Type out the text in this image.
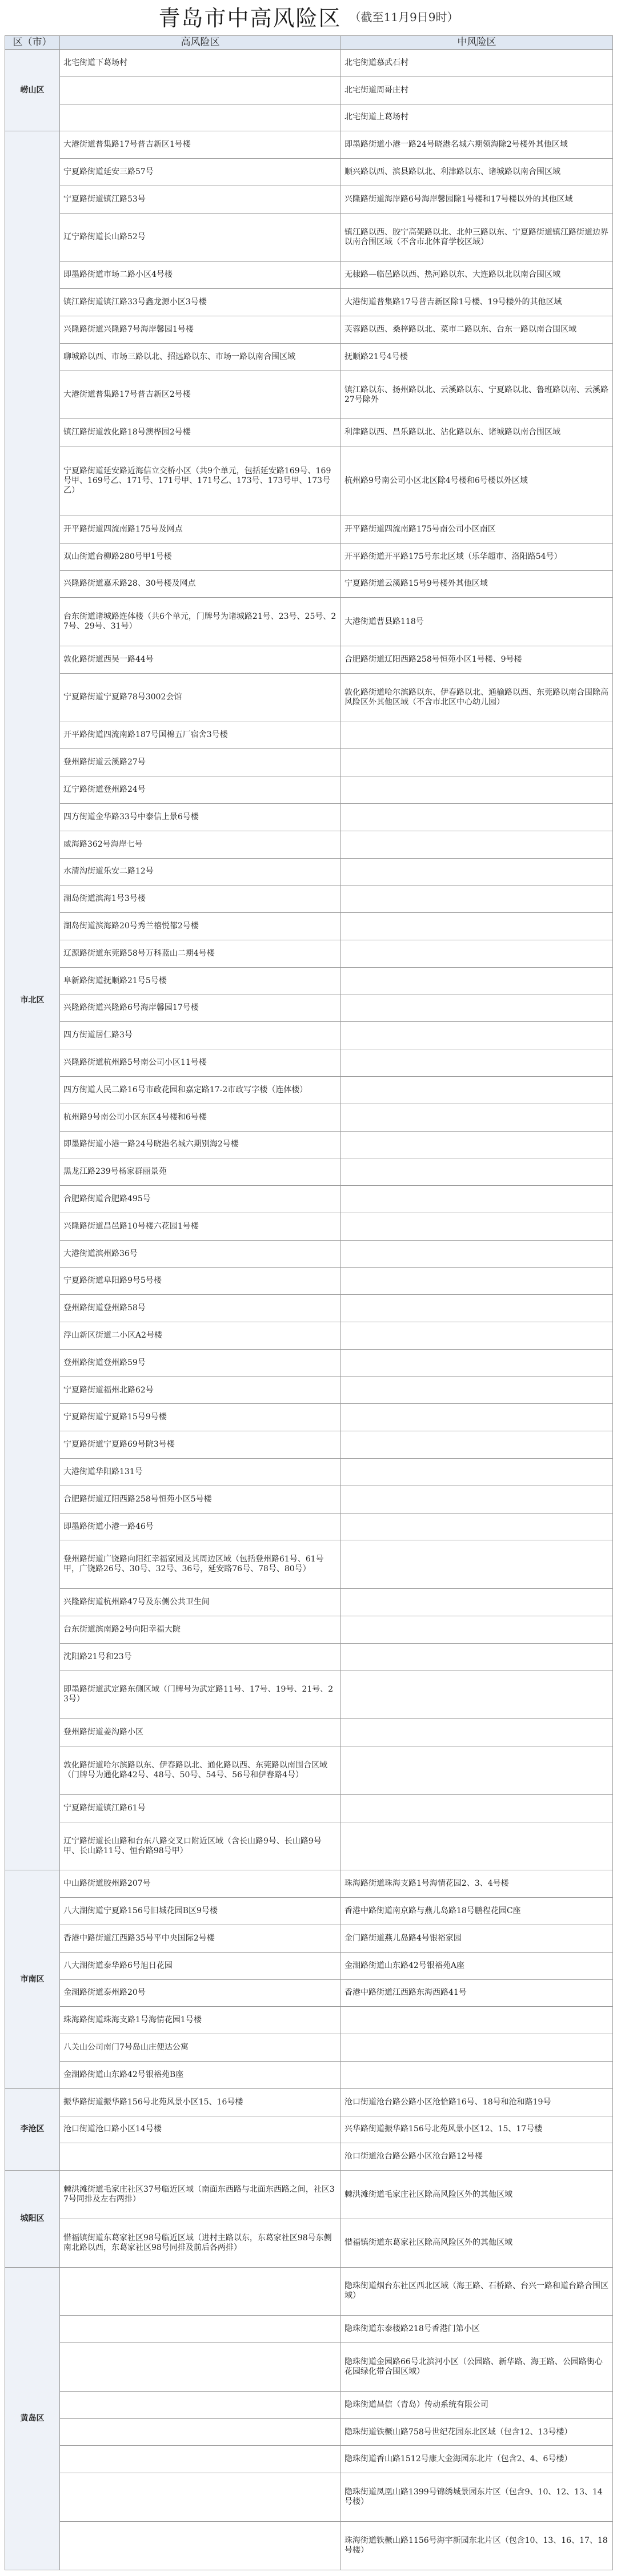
青岛市中高风险区 （截至11月9日9时）
区（市）	高风险区	中风险区
崂山区	北宅街道下葛场村	北宅街道慕武石村
		北宅街道周哥庄村
		北宅街道上葛场村
市北区	大港街道普集路17号普吉新区1号楼	即墨路街道小港一路24号晓港名城六期领海除2号楼外其他区域
	宁夏路街道延安三路57号	顺兴路以西、滨县路以北、利津路以东、诸城路以南合围区域
	宁夏路街道镇江路53号	兴隆路街道海岸路6号海岸馨园除1号楼和17号楼以外的其他区域
	辽宁路街道长山路52号	镇江路以西、胶宁高架路以北、北仲三路以东、宁夏路街道镇江路街道边界以南合围区域（不含市北体育学校区域）
	即墨路街道市场二路小区4号楼	无棣路—临邑路以西、热河路以东、大连路以北以南合围区域
	镇江路街道镇江路33号鑫龙源小区3号楼	大港街道普集路17号普吉新区除1号楼、19号楼外的其他区域
	兴隆路街道兴隆路7号海岸馨园1号楼	芙蓉路以西、桑梓路以北、菜市二路以东、台东一路以南合围区域
	聊城路以西、市场三路以北、招远路以东、市场一路以南合围区域	抚顺路21号4号楼
	大港街道普集路17号普吉新区2号楼	镇江路以东、扬州路以北、云溪路以东、宁夏路以北、鲁班路以南、云溪路27号除外
	镇江路街道敦化路18号澳桦园2号楼	利津路以西、昌乐路以北、沾化路以东、诸城路以南合围区域
	宁夏路街道延安路近海信立交桥小区（共9个单元，包括延安路169号、169号甲、169号乙、171号、171号甲、171号乙、173号、173号甲、173号乙）	杭州路9号南公司小区北区除4号楼和6号楼以外区域
	开平路街道四流南路175号及网点	开平路街道四流南路175号南公司小区南区
	双山街道台柳路280号甲1号楼	开平路街道开平路175号东北区域（乐华超市、洛阳路54号）
	兴隆路街道嘉禾路28、30号楼及网点	宁夏路街道云溪路15号9号楼外其他区域
	台东街道诸城路连体楼（共6个单元，门牌号为诸城路21号、23号、25号、27号、29号、31号）	大港街道曹县路118号
	敦化路街道西吴一路44号	合肥路街道辽阳西路258号恒苑小区1号楼、9号楼
	宁夏路街道宁夏路78号3002会馆	敦化路街道哈尔滨路以东、伊春路以北、通榆路以西、东莞路以南合围除高风险区外其他区域（不含市北区中心幼儿园）
	开平路街道四流南路187号国棉五厂宿舍3号楼	
	登州路街道云溪路27号	
	辽宁路街道登州路24号	
	四方街道金华路33号中泰信上景6号楼	
	威海路362号海岸七号	
	水清沟街道乐安二路12号	
	湖岛街道滨海1号3号楼	
	湖岛街道滨海路20号秀兰禧悦都2号楼	
	辽源路街道东莞路58号万科蓝山二期4号楼	
	阜新路街道抚顺路21号5号楼	
	兴隆路街道兴隆路6号海岸馨园17号楼	
	四方街道居仁路3号	
	兴隆路街道杭州路5号南公司小区11号楼	
	四方街道人民二路16号市政花园和嘉定路17-2市政写字楼（连体楼）	
	杭州路9号南公司小区东区4号楼和6号楼	
	即墨路街道小港一路24号晓港名城六期别海2号楼	
	黑龙江路239号杨家群丽景苑	
	合肥路街道合肥路495号	
	兴隆路街道昌邑路10号楼六花园1号楼	
	大港街道滨州路36号	
	宁夏路街道阜阳路9号5号楼	
	登州路街道登州路58号	
	浮山新区街道二小区A2号楼	
	登州路街道登州路59号	
	宁夏路街道福州北路62号	
	宁夏路街道宁夏路15号9号楼	
	宁夏路街道宁夏路69号院3号楼	
	大港街道华阳路131号	
	合肥路街道辽阳西路258号恒苑小区5号楼	
	即墨路街道小港一路46号	
	登州路街道广饶路向阳红幸福家园及其周边区域（包括登州路61号、61号甲，广饶路26号、30号、32号、36号，延安路76号、78号、80号）	
	兴隆路街道杭州路47号及东侧公共卫生间	
	台东街道滨南路2号向阳幸福大院	
	沈阳路21号和23号	
	即墨路街道武定路东侧区域（门牌号为武定路11号、17号、19号、21号、23号）	
	登州路街道姜沟路小区	
	敦化路街道哈尔滨路以东、伊春路以北、通化路以西、东莞路以南围合区域（门牌号为通化路42号、48号、50号、54号、56号和伊春路4号）	
	宁夏路街道镇江路61号	
	辽宁路街道长山路和台东八路交叉口附近区域（含长山路9号、长山路9号甲、长山路11号、恒台路98号甲）	
市南区	中山路街道胶州路207号	珠海路街道珠海支路1号海情花园2、3、4号楼
	八大湖街道宁夏路156号旧城花园B区9号楼	香港中路街道南京路与燕儿岛路18号鹏程花园C座
	香港中路街道江西路35号平中央国际2号楼	金门路街道燕儿岛路4号银裕家园
	八大湖街道泰华路6号旭日花园	金湖路街道山东路42号银裕苑A座
	金湖路街道泰州路20号	香港中路街道江西路东海西路41号
	珠海路街道珠海支路1号海情花园1号楼	
	八关山公司南门7号岛山庄便达公寓	
	金湖路街道山东路42号银裕苑B座	
李沧区	振华路街道振华路156号北苑风景小区15、16号楼	沧口街道沧台路公路小区沧恰路16号、18号和沧和路19号
	沧口街道沧口路小区14号楼	兴华路街道振华路156号北苑风景小区12、15、17号楼
		沧口街道沧台路公路小区沧台路12号楼
城阳区	棘洪滩街道毛家庄社区37号临近区域（南面东西路与北面东西路之间，社区37号同排及左右两排）	棘洪滩街道毛家庄社区除高风险区外的其他区域
	惜福镇街道东葛家社区98号临近区域（进村主路以东，东葛家社区98号东侧南北路以西，东葛家社区98号同排及前后各两排）	惜福镇街道东葛家社区除高风险区外的其他区域
黄岛区		隐珠街道烟台东社区西北区域（海王路、石桥路、台兴一路和道台路合围区域）
		隐珠街道东泰楼路218号香港门第小区
		隐珠街道金园路66号北滨河小区（公园路、新华路、海王路、公园路街心花园绿化带合围区域）
		隐珠街道昌信（青岛）传动系统有限公司
		隐珠街道铁橛山路758号世纪花园东北区域（包含12、13号楼）
		隐珠街道香山路1512号康大金海园东北片（包含2、4、6号楼）
		隐珠街道凤凰山路1399号锦绣城景园东片区（包含9、10、12、13、14号楼）
		珠海街道铁橛山路1156号海宇新园东北片区（包含10、13、16、17、18号楼）
